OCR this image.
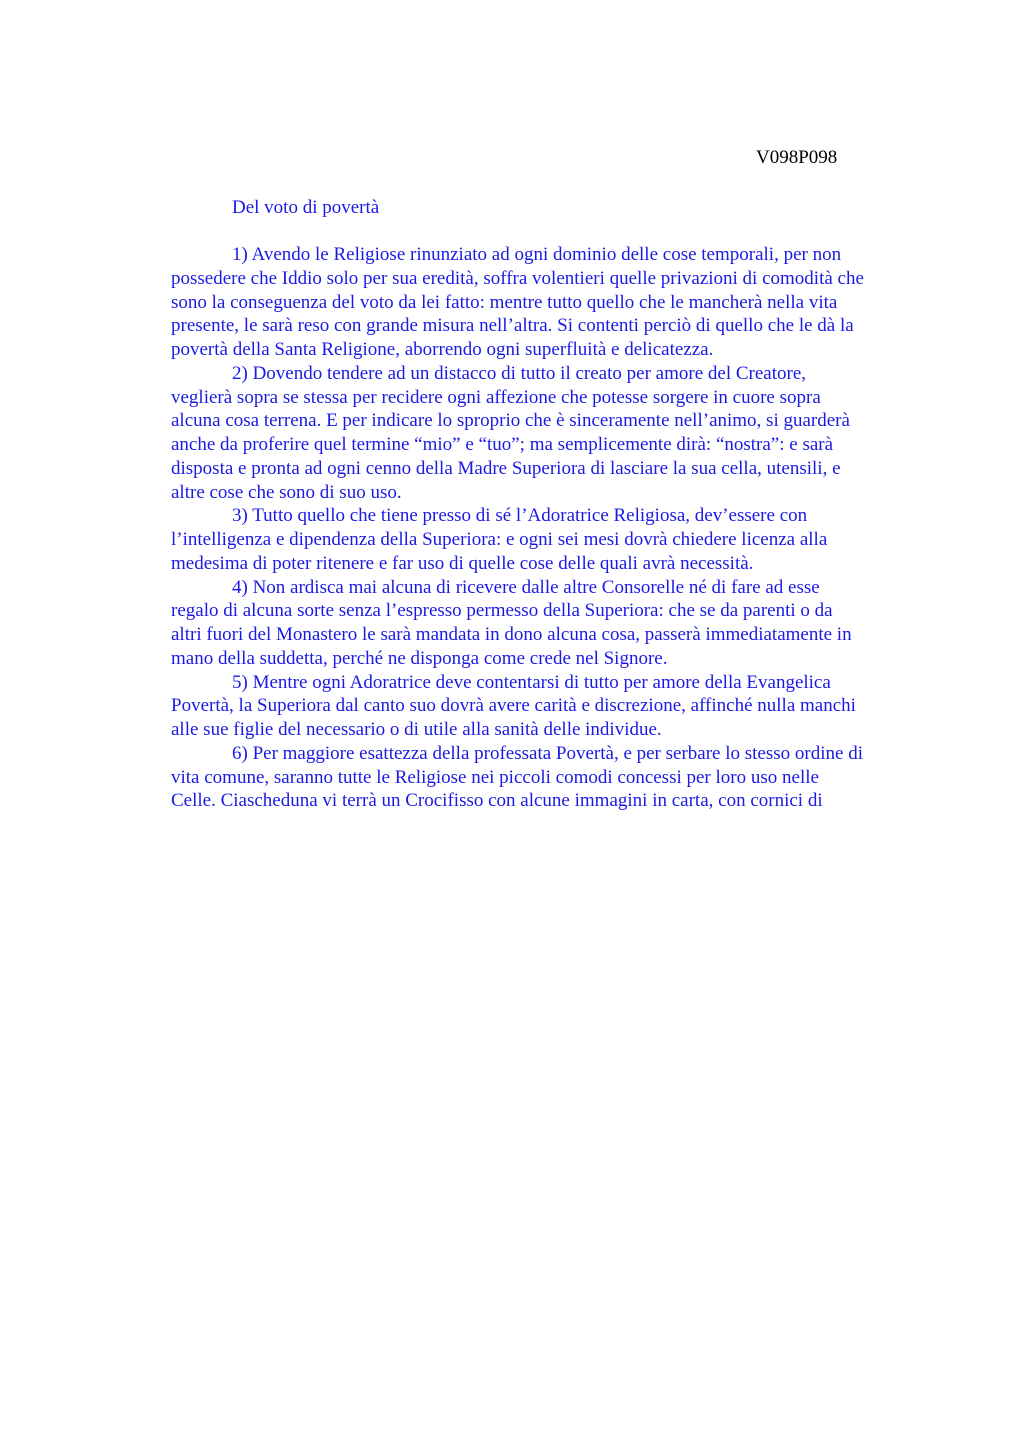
V098P098
Del voto di povertà
1) Avendo le Religiose rinunziato ad ogni dominio delle cose temporali, per non
possedere che Iddio solo per sua eredità, soffra volentieri quelle privazioni di comodità che
sono la conseguenza del voto da lei fatto: mentre tutto quello che le mancherà nella vita
presente, le sarà reso con grande misura nell’altra. Si contenti perciò di quello che le dà la
povertà della Santa Religione, aborrendo ogni superfluità e delicatezza.
2) Dovendo tendere ad un distacco di tutto il creato per amore del Creatore,
veglierà sopra se stessa per recidere ogni affezione che potesse sorgere in cuore sopra
alcuna cosa terrena. E per indicare lo sproprio che è sinceramente nell’animo, si guarderà
anche da proferire quel termine “mio” e “tuo”; ma semplicemente dirà: “nostra”: e sarà
disposta e pronta ad ogni cenno della Madre Superiora di lasciare la sua cella, utensili, e
altre cose che sono di suo uso.
3) Tutto quello che tiene presso di sé l’Adoratrice Religiosa, dev’essere con
l’intelligenza e dipendenza della Superiora: e ogni sei mesi dovrà chiedere licenza alla
medesima di poter ritenere e far uso di quelle cose delle quali avrà necessità.
4) Non ardisca mai alcuna di ricevere dalle altre Consorelle né di fare ad esse
regalo di alcuna sorte senza l’espresso permesso della Superiora: che se da parenti o da
altri fuori del Monastero le sarà mandata in dono alcuna cosa, passerà immediatamente in
mano della suddetta, perché ne disponga come crede nel Signore.
5) Mentre ogni Adoratrice deve contentarsi di tutto per amore della Evangelica
Povertà, la Superiora dal canto suo dovrà avere carità e discrezione, affinché nulla manchi
alle sue figlie del necessario o di utile alla sanità delle individue.
6) Per maggiore esattezza della professata Povertà, e per serbare lo stesso ordine di
vita comune, saranno tutte le Religiose nei piccoli comodi concessi per loro uso nelle
Celle. Ciascheduna vi terrà un Crocifisso con alcune immagini in carta, con cornici di
